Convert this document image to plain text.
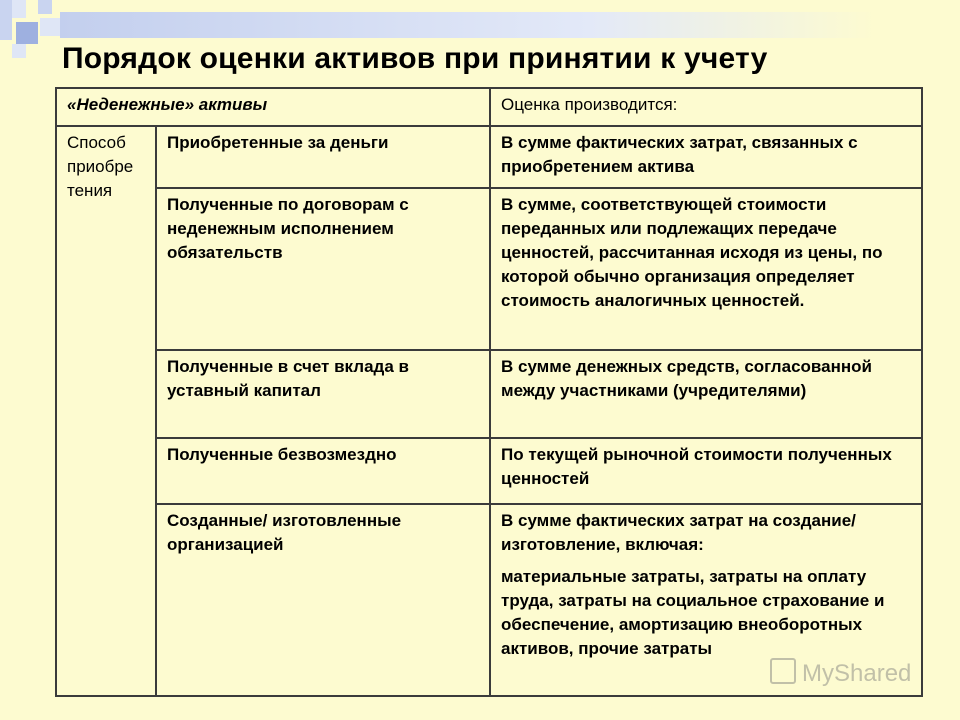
Порядок оценки активов при принятии к учету
«Неденежные» активы		Оценка производится:
Способ приобре тения	Приобретенные за деньги	В сумме фактических затрат, связанных с приобретением актива
	Полученные по договорам с неденежным исполнением обязательств	В сумме, соответствующей стоимости переданных или подлежащих передаче ценностей, рассчитанная исходя из цены, по которой обычно организация определяет стоимость аналогичных ценностей.
	Полученные в счет вклада в уставный капитал	В сумме денежных средств, согласованной между участниками (учредителями)
	Полученные безвозмездно	По текущей рыночной стоимости полученных ценностей
	Созданные/ изготовленные организацией	В сумме фактических затрат на создание/изготовление, включая:
материальные затраты, затраты на оплату труда, затраты на социальное страхование и обеспечение, амортизацию внеоборотных активов, прочие затраты
MyShared
